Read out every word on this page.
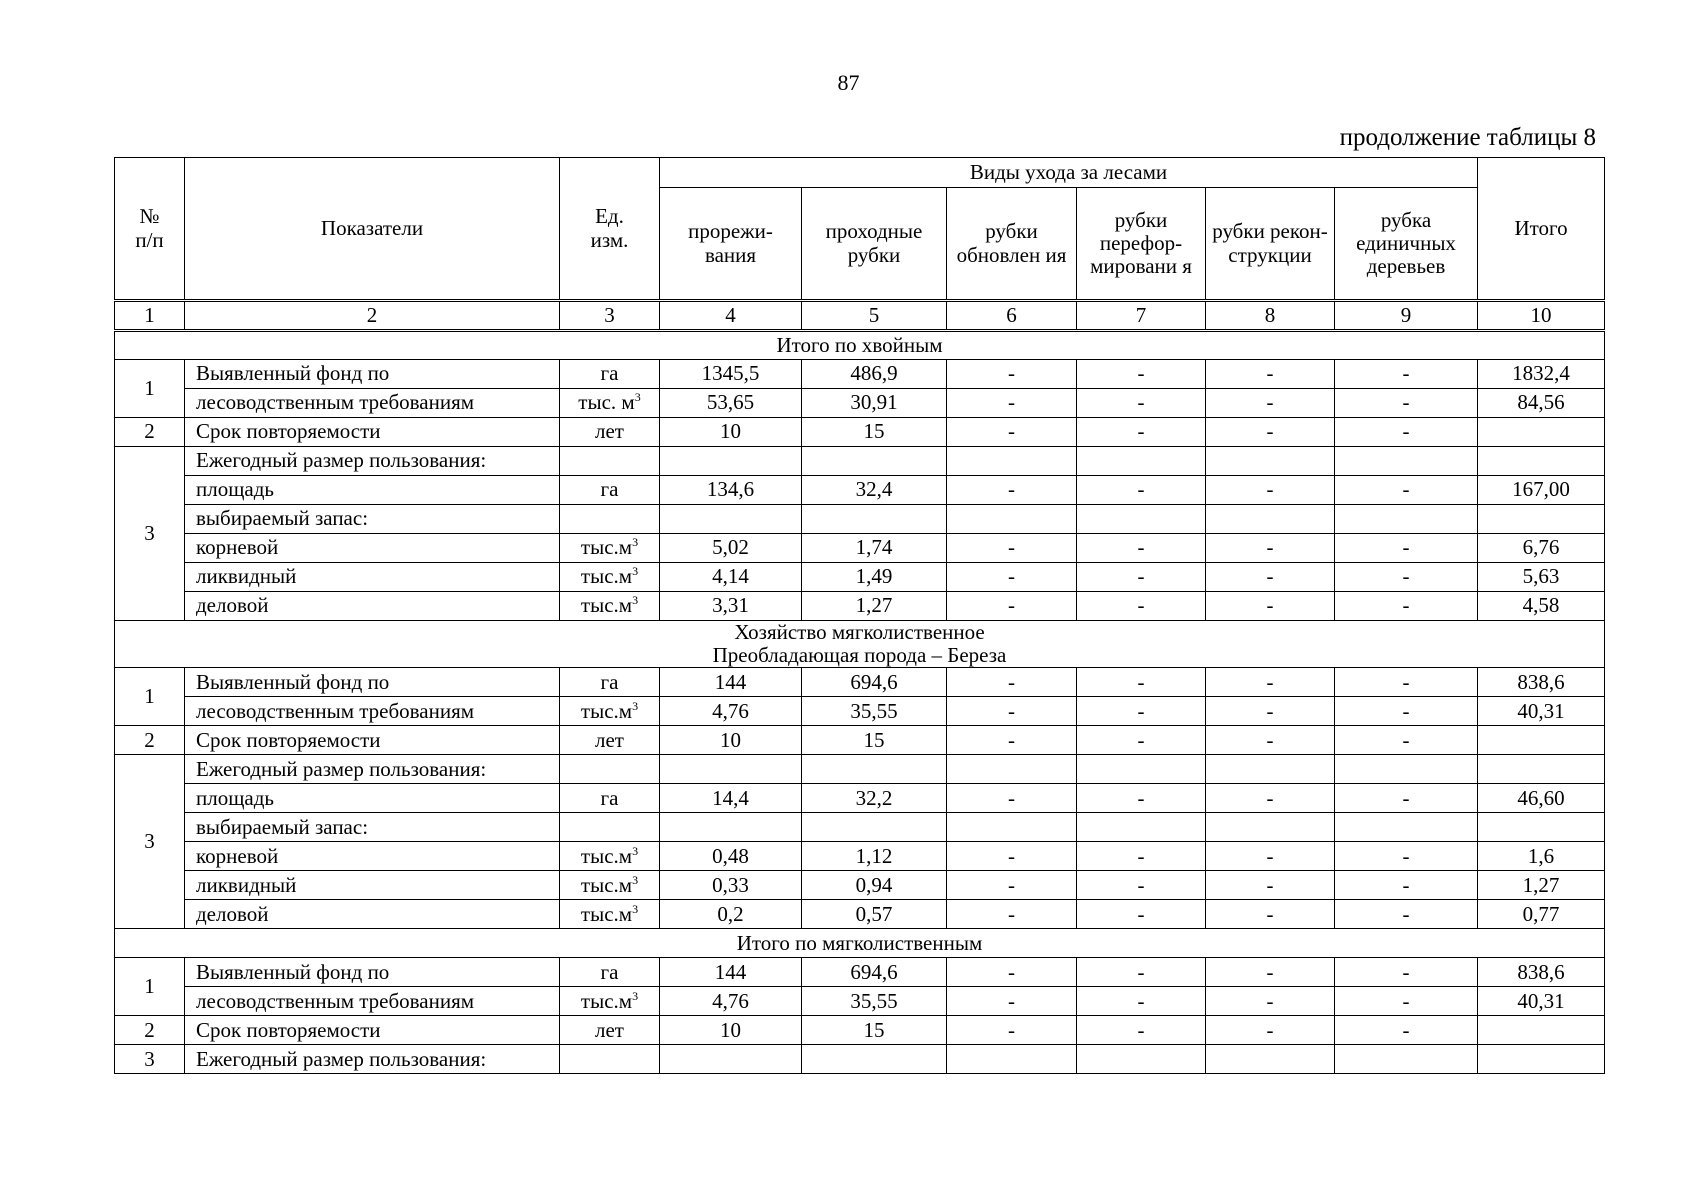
87
продолжение таблицы 8
№ п/п	Показатели	Ед. изм.	Виды ухода за лесами						Итого
			прорежи-вания	проходные рубки	рубки обновлен ия	рубки перефор-мировани я	рубки рекон-струкции	рубка единичных деревьев	
1	2	3	4	5	6	7	8	9	10

Итого по хвойным									

1	Выявленный фонд по	га	1345,5	486,9	-	-	-	-	1832,4
	лесоводственным требованиям	тыс. $м^3$	53,65	30,91	-	-	-	-	84,56
2	Срок повторяемости	лет	10	15	-	-	-	-	
3	Ежегодный размер пользования:								
	площадь	га	134,6	32,4	-	-	-	-	167,00
	выбираемый запас:								
	корневой	$тыс.м^3$	5,02	1,74	-	-	-	-	6,76
	ликвидный	$тыс.м^3$	4,14	1,49	-	-	-	-	5,63
	деловой	$тыс.м^3$	3,31	1,27	-	-	-	-	4,58

Хозяйство мягколиственное
Преобладающая порода – Береза									

1	Выявленный фонд по	га	144	694,6	-	-	-	-	838,6
	лесоводственным требованиям	$тыс.м^3$	4,76	35,55	-	-	-	-	40,31
2	Срок повторяемости	лет	10	15	-	-	-	-	
3	Ежегодный размер пользования:								
	площадь	га	14,4	32,2	-	-	-	-	46,60
	выбираемый запас:								
	корневой	$тыс.м^3$	0,48	1,12	-	-	-	-	1,6
	ликвидный	$тыс.м^3$	0,33	0,94	-	-	-	-	1,27
	деловой	$тыс.м^3$	0,2	0,57	-	-	-	-	0,77

Итого по мягколиственным									

1	Выявленный фонд по	га	144	694,6	-	-	-	-	838,6
	лесоводственным требованиям	$тыс.м^3$	4,76	35,55	-	-	-	-	40,31
2	Срок повторяемости	лет	10	15	-	-	-	-	
3	Ежегодный размер пользования:								
